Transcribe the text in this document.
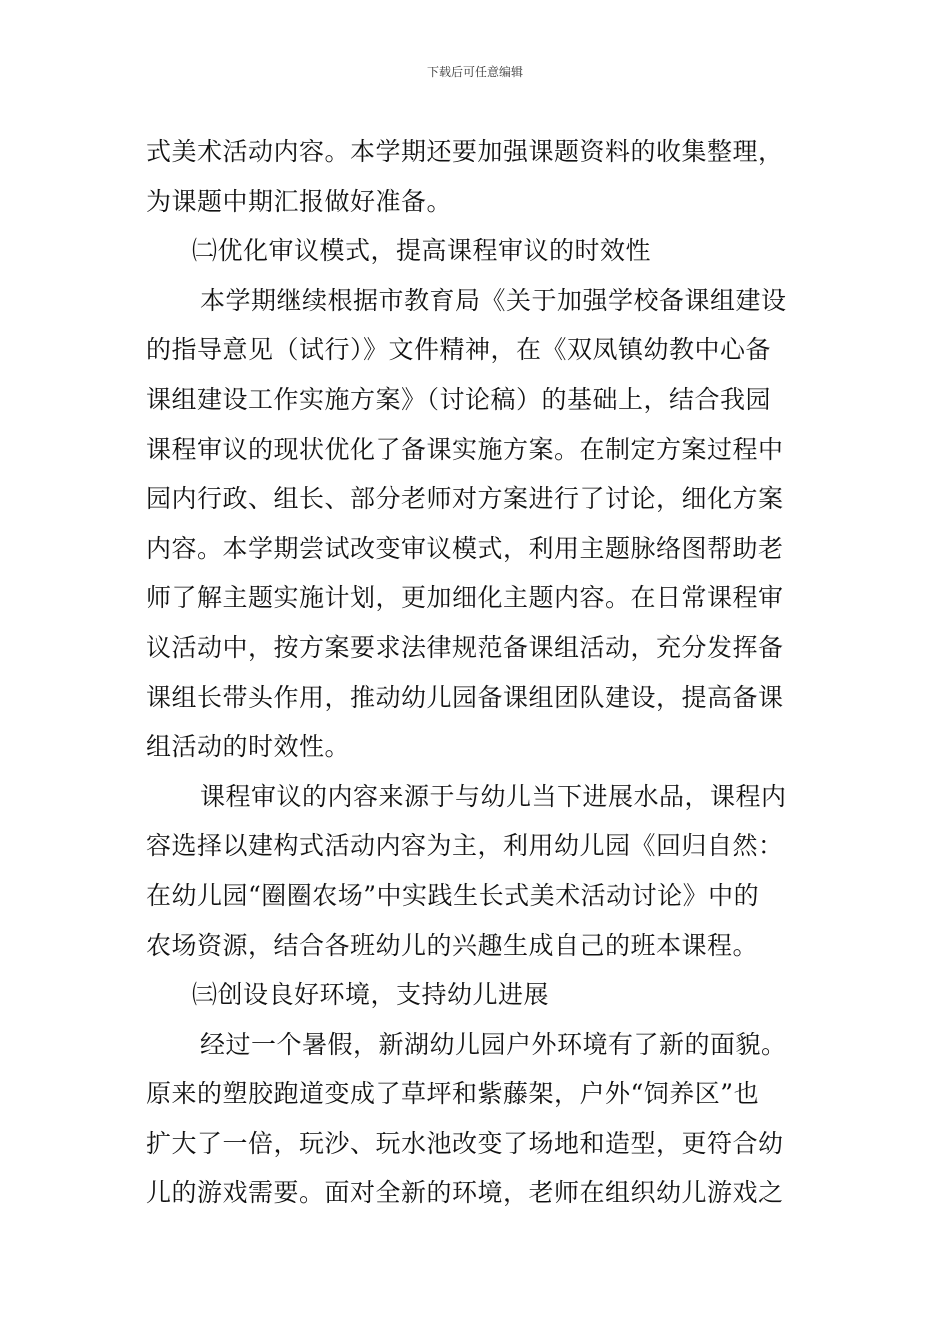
下载后可任意编辑
式美术活动内容。本学期还要加强课题资料的收集整理，
为课题中期汇报做好准备。
㈡优化审议模式，提高课程审议的时效性
本学期继续根据市教育局《关于加强学校备课组建设
的指导意见（试行）》文件精神，在《双凤镇幼教中心备
课组建设工作实施方案》（讨论稿）的基础上，结合我园
课程审议的现状优化了备课实施方案。在制定方案过程中
园内行政、组长、部分老师对方案进行了讨论，细化方案
内容。本学期尝试改变审议模式，利用主题脉络图帮助老
师了解主题实施计划，更加细化主题内容。在日常课程审
议活动中，按方案要求法律规范备课组活动，充分发挥备
课组长带头作用，推动幼儿园备课组团队建设，提高备课
组活动的时效性。
课程审议的内容来源于与幼儿当下进展水品，课程内
容选择以建构式活动内容为主，利用幼儿园《回归自然：
在幼儿园“圈圈农场”中实践生长式美术活动讨论》中的
农场资源，结合各班幼儿的兴趣生成自己的班本课程。
㈢创设良好环境，支持幼儿进展
经过一个暑假，新湖幼儿园户外环境有了新的面貌。
原来的塑胶跑道变成了草坪和紫藤架，户外“饲养区”也
扩大了一倍，玩沙、玩水池改变了场地和造型，更符合幼
儿的游戏需要。面对全新的环境，老师在组织幼儿游戏之
